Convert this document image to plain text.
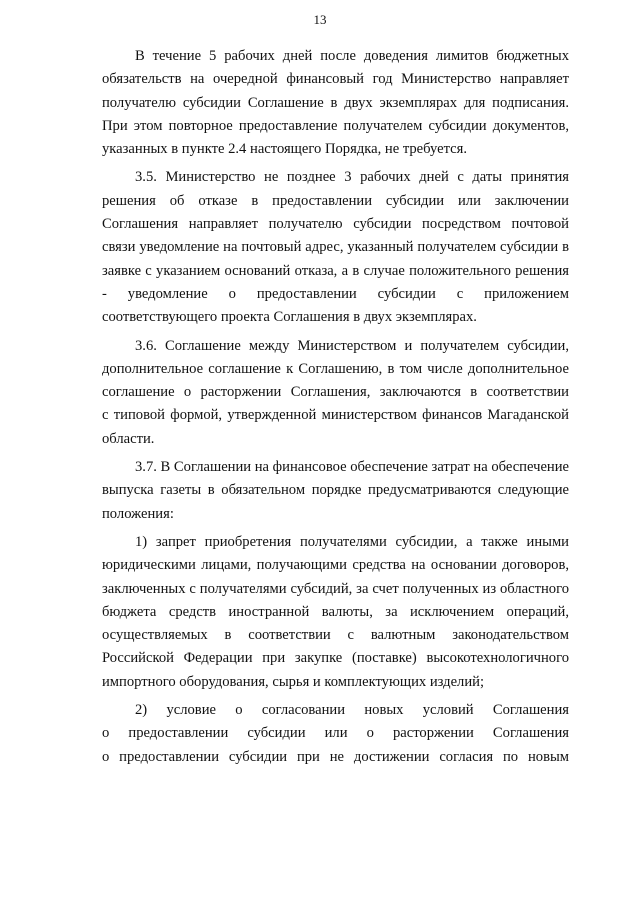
13
В течение 5 рабочих дней после доведения лимитов бюджетных
обязательств на очередной финансовый год Министерство направляет
получателю субсидии Соглашение в двух экземплярах для подписания.
При этом повторное предоставление получателем субсидии документов,
указанных в пункте 2.4 настоящего Порядка, не требуется.
3.5. Министерство не позднее 3 рабочих дней с даты принятия
решения об отказе в предоставлении субсидии или заключении
Соглашения направляет получателю субсидии посредством почтовой
связи уведомление на почтовый адрес, указанный получателем субсидии в
заявке с указанием оснований отказа, а в случае положительного решения
- уведомление о предоставлении субсидии с приложением
соответствующего проекта Соглашения в двух экземплярах.
3.6. Соглашение между Министерством и получателем субсидии,
дополнительное соглашение к Соглашению, в том числе дополнительное
соглашение о расторжении Соглашения, заключаются в соответствии
с типовой формой, утвержденной министерством финансов Магаданской
области.
3.7. В Соглашении на финансовое обеспечение затрат на обеспечение
выпуска газеты в обязательном порядке предусматриваются следующие
положения:
1) запрет приобретения получателями субсидии, а также иными
юридическими лицами, получающими средства на основании договоров,
заключенных с получателями субсидий, за счет полученных из областного
бюджета средств иностранной валюты, за исключением операций,
осуществляемых в соответствии с валютным законодательством
Российской Федерации при закупке (поставке) высокотехнологичного
импортного оборудования, сырья и комплектующих изделий;
2) условие о согласовании новых условий Соглашения
о предоставлении субсидии или о расторжении Соглашения
о предоставлении субсидии при не достижении согласия по новым
